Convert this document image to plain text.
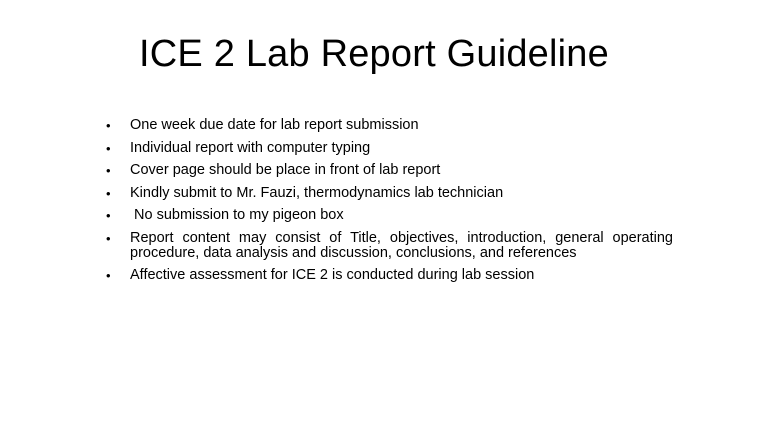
ICE 2 Lab Report Guideline
•	One week due date for lab report submission
•	Individual report with computer typing
•	Cover page should be place in front of lab report
•	Kindly submit to Mr. Fauzi, thermodynamics lab technician
•	No submission to my pigeon box
•	Report content may consist of Title, objectives, introduction, general operating procedure, data analysis and discussion, conclusions, and references
•	Affective assessment for ICE 2 is conducted during lab session
